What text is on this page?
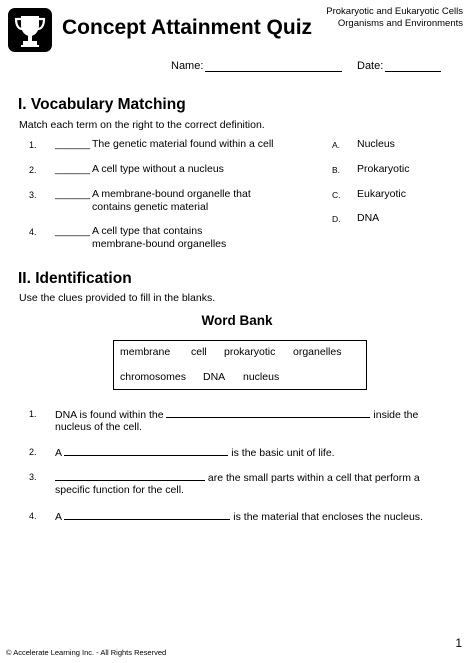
Concept Attainment Quiz
Prokaryotic and Eukaryotic Cells
Organisms and Environments
Name:	Date:
I. Vocabulary Matching
Match each term on the right to the correct definition.
1.	______ The genetic material found within a cell
2.	______ A cell type without a nucleus
3.	______ A membrane-bound organelle that
contains genetic material
4.	______ A cell type that contains
membrane-bound organelles
A. Nucleus
B. Prokaryotic
C. Eukaryotic
D. DNA
II. Identification
Use the clues provided to fill in the blanks.
Word Bank
membrane cell prokaryotic organelles
chromosomes DNA nucleus
1.	DNA is found within the	inside the
nucleus of the cell.
2.	A	is the basic unit of life.
3.	are the small parts within a cell that perform a
specific function for the cell.
4.	A	is the material that encloses the nucleus.
© Accelerate Learning Inc. - All Rights Reserved
1
